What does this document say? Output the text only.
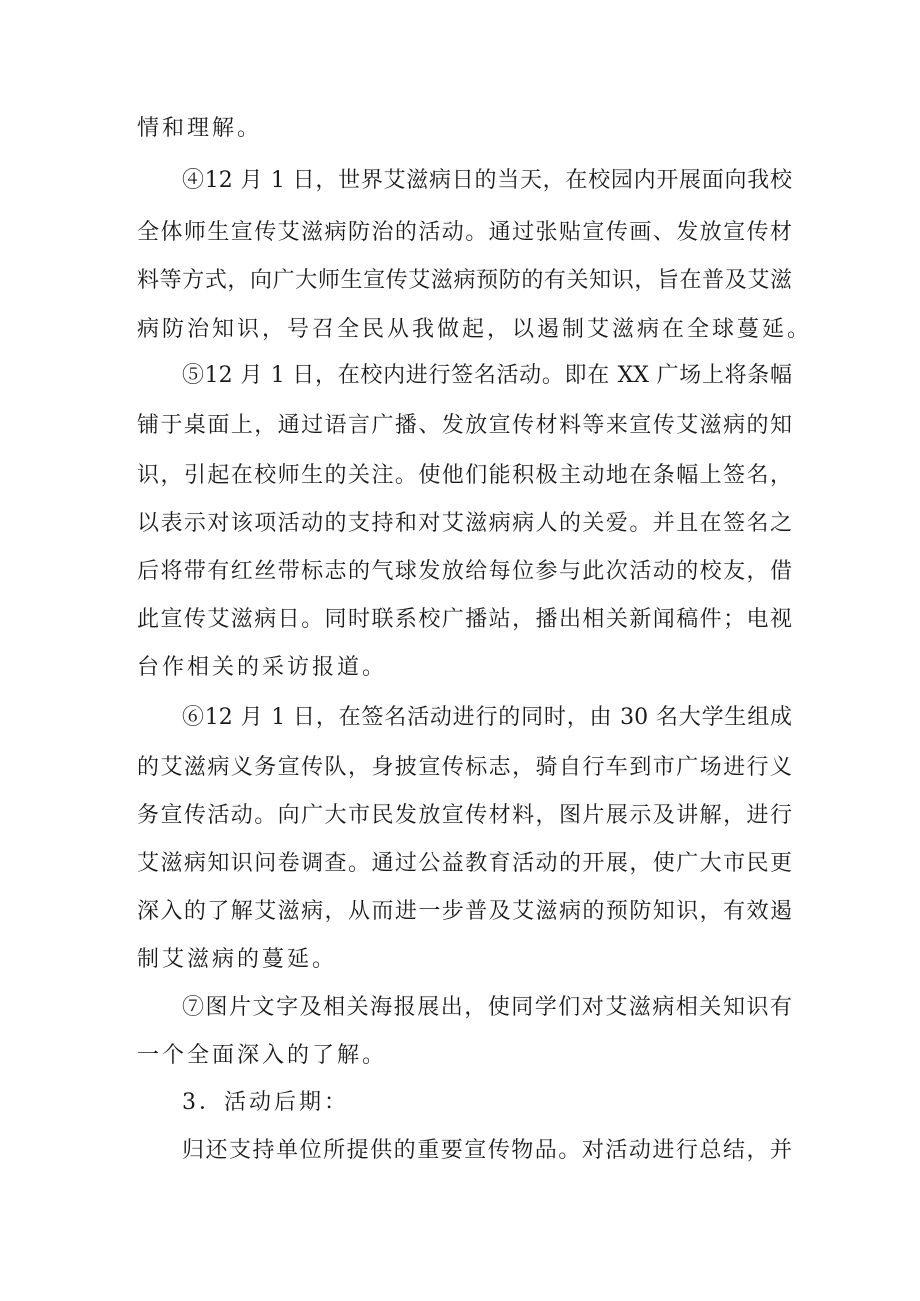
情和理解。
④12 月 1 日，世界艾滋病日的当天，在校园内开展面向我校
全体师生宣传艾滋病防治的活动。通过张贴宣传画、发放宣传材
料等方式，向广大师生宣传艾滋病预防的有关知识，旨在普及艾滋
病防治知识，号召全民从我做起，以遏制艾滋病在全球蔓延。
⑤12 月 1 日，在校内进行签名活动。即在 XX 广场上将条幅
铺于桌面上，通过语言广播、发放宣传材料等来宣传艾滋病的知
识，引起在校师生的关注。使他们能积极主动地在条幅上签名，
以表示对该项活动的支持和对艾滋病病人的关爱。并且在签名之
后将带有红丝带标志的气球发放给每位参与此次活动的校友，借
此宣传艾滋病日。同时联系校广播站，播出相关新闻稿件；电视
台作相关的采访报道。
⑥12 月 1 日，在签名活动进行的同时，由 30 名大学生组成
的艾滋病义务宣传队，身披宣传标志，骑自行车到市广场进行义
务宣传活动。向广大市民发放宣传材料，图片展示及讲解，进行
艾滋病知识问卷调查。通过公益教育活动的开展，使广大市民更
深入的了解艾滋病，从而进一步普及艾滋病的预防知识，有效遏
制艾滋病的蔓延。
⑦图片文字及相关海报展出，使同学们对艾滋病相关知识有
一个全面深入的了解。
3．活动后期：
归还支持单位所提供的重要宣传物品。对活动进行总结，并
